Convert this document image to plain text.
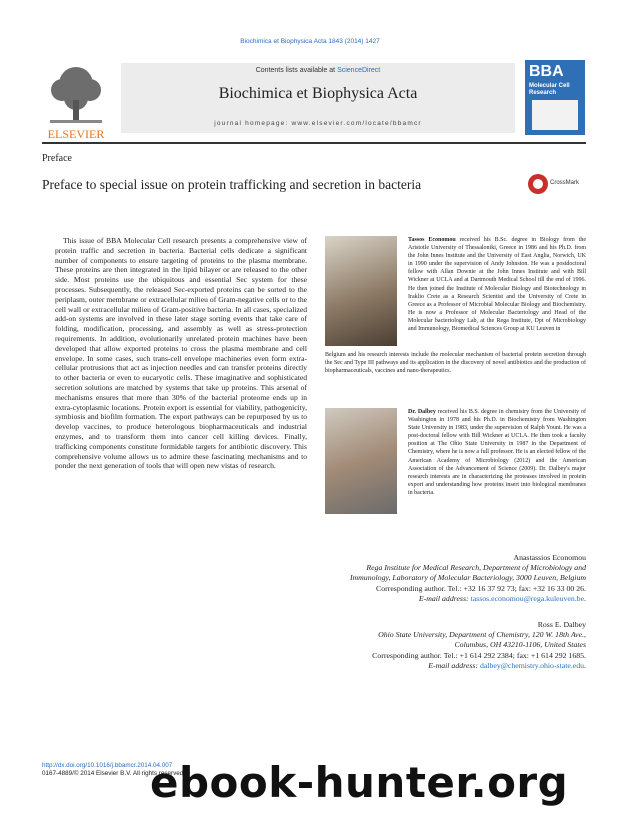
Biochimica et Biophysica Acta 1843 (2014) 1427
ELSEVIER
Contents lists available at ScienceDirect
Biochimica et Biophysica Acta
journal homepage: www.elsevier.com/locate/bbamcr
BBA
Molecular Cell Research
Preface
Preface to special issue on protein trafficking and secretion in bacteria	CrossMark
This issue of BBA Molecular Cell research presents a comprehensive view of protein traffic and secretion in bacteria. Bacterial cells dedicate a significant number of components to ensure targeting of proteins to the plasma membrane. These proteins are then integrated in the lipid bilayer or are released to the other side. Most proteins use the ubiquitous and essential Sec system for these processes. Subsequently, the released Sec-exported proteins can be sorted to the periplasm, outer membrane or extracellular milieu of Gram-negative cells or to the cell wall or extracellular milieu of Gram-positive bacteria. In all cases, specialized add-on systems are involved in these later stage sorting events that take care of folding, modification, processing, and assembly as well as stress-protection requirements. In addition, evolutionarily unrelated protein machines have been developed that allow exported proteins to cross the plasma membrane and cell envelope. In some cases, such trans-cell envelope machineries even form extra-cellular protrusions that act as injection needles and can transfer proteins directly to other bacteria or even to eucaryotic cells. These imaginative and sophisticated secretion solutions are matched by systems that take up proteins. This arsenal of mechanisms ensures that more than 30% of the bacterial proteome ends up in extra-cytoplasmic locations. Protein export is essential for viability, pathogenicity, symbiosis and biofilm formation. The export pathways can be repurposed by us to develop vaccines, to produce heterologous biopharmaceuticals and industrial enzymes, and to transform them into cancer cell killing devices. Finally, trafficking components constitute formidable targets for antibiotic discovery. This comprehensive volume allows us to admire these fascinating mechanisms and to ponder the next generation of tools that will open new vistas of research.
Tassos Economou received his B.Sc. degree in Biology from the Aristotle University of Thessaloniki, Greece in 1986 and his Ph.D. from the John Innes Institute and the University of East Anglia, Norwich, UK in 1990 under the supervision of Andy Johnston. He was a postdoctoral fellow with Allan Downie at the John Innes Institute and with Bill Wickner at UCLA and at Dartmouth Medical School till the end of 1996. He then joined the Institute of Molecular Biology and Biotechnology in Iraklio Crete as a Research Scientist and the University of Crete in Greece as a Professor of Microbial Molecular Biology and Biochemistry. He is now a Professor of Molecular Bacteriology and Head of the Molecular bacteriology Lab, at the Rega Institute, Dpt of Microbiology and Immunology, Biomedical Sciences Group at KU Leuven in
Belgium and his research interests include the molecular mechanism of bacterial protein secretion through the Sec and Type III pathways and its application in the discovery of novel antibiotics and the production of biopharmaceuticals, vaccines and nano-therapeutics.
Dr. Dalbey received his B.S. degree in chemistry from the University of Washington in 1978 and his Ph.D. in Biochemistry from Washington State University in 1983, under the supervision of Ralph Yount. He was a post-doctoral fellow with Bill Wickner at UCLA. He then took a faculty position at The Ohio State University in 1987 in the Department of Chemistry, where he is now a full professor. He is an elected fellow of the American Academy of Microbiology (2012) and the American Association of the Advancement of Science (2009). Dr. Dalbey's major research interests are in characterizing the proteases involved in protein export and understanding how proteins insert into biological membranes in bacteria.
Anastassios Economou
Rega Institute for Medical Research, Department of Microbiology and
Immunology, Laboratory of Molecular Bacteriology, 3000 Leuven, Belgium
Corresponding author. Tel.: +32 16 37 92 73; fax: +32 16 33 00 26.
E-mail address: tassos.economou@rega.kuleuven.be.
Ross E. Dalbey
Ohio State University, Department of Chemistry, 120 W. 18th Ave.,
Columbus, OH 43210-1106, United States
Corresponding author. Tel.: +1 614 292 2384; fax: +1 614 292 1685.
E-mail address: dalbey@chemistry.ohio-state.edu.
http://dx.doi.org/10.1016/j.bbamcr.2014.04.007
0167-4889/© 2014 Elsevier B.V. All rights reserved.
ebook-hunter.org
